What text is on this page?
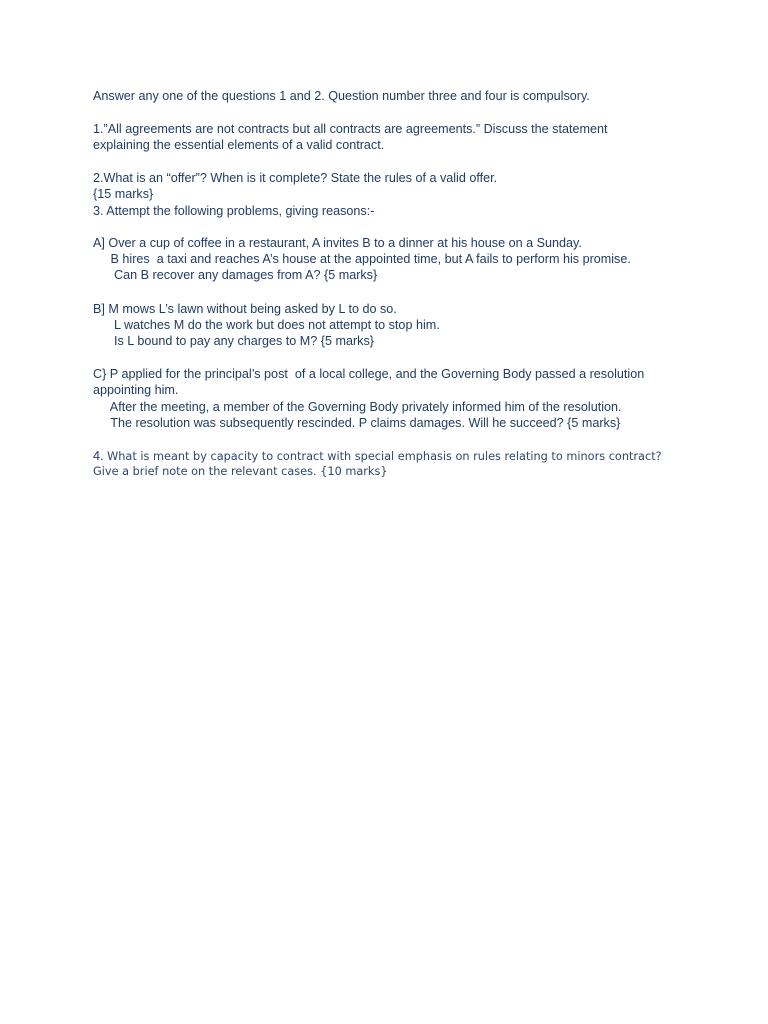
Answer any one of the questions 1 and 2. Question number three and four is compulsory.

1.”All agreements are not contracts but all contracts are agreements.” Discuss the statement

explaining the essential elements of a valid contract.

2.What is an “offer”? When is it complete? State the rules of a valid offer.

{15 marks}

3. Attempt the following problems, giving reasons:-

A] Over a cup of coffee in a restaurant, A invites B to a dinner at his house on a Sunday.

B hires  a taxi and reaches A’s house at the appointed time, but A fails to perform his promise.

Can B recover any damages from A? {5 marks}

B] M mows L’s lawn without being asked by L to do so.

L watches M do the work but does not attempt to stop him.

Is L bound to pay any charges to M? {5 marks}

C} P applied for the principal’s post  of a local college, and the Governing Body passed a resolution

appointing him.

After the meeting, a member of the Governing Body privately informed him of the resolution.

The resolution was subsequently rescinded. P claims damages. Will he succeed? {5 marks}

4. What is meant by capacity to contract with special emphasis on rules relating to minors contract?

Give a brief note on the relevant cases. {10 marks}
